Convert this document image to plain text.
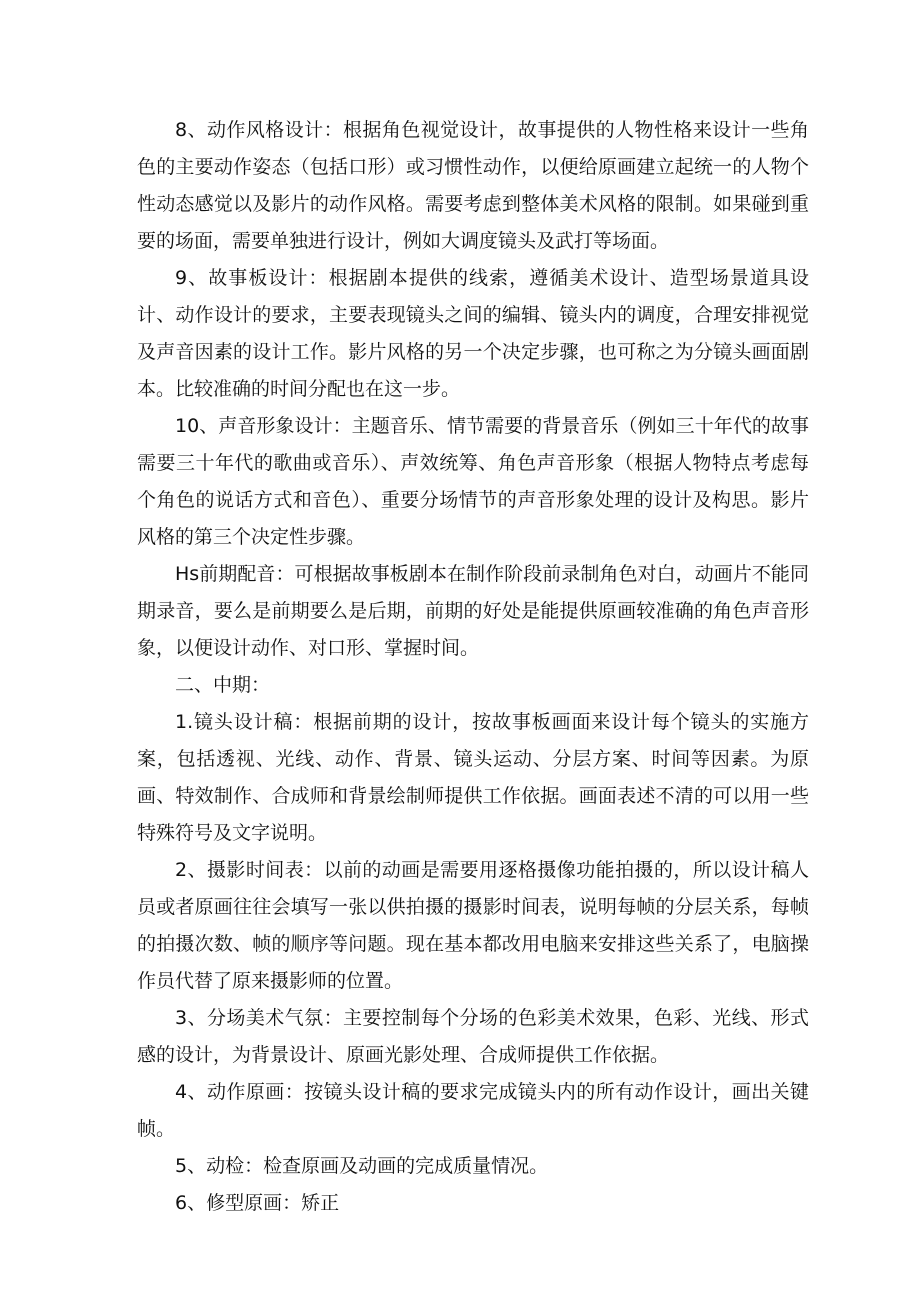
8、动作风格设计：根据角色视觉设计，故事提供的人物性格来设计一些角色的主要动作姿态（包括口形）或习惯性动作，以便给原画建立起统一的人物个性动态感觉以及影片的动作风格。需要考虑到整体美术风格的限制。如果碰到重要的场面，需要单独进行设计，例如大调度镜头及武打等场面。

9、故事板设计：根据剧本提供的线索，遵循美术设计、造型场景道具设计、动作设计的要求，主要表现镜头之间的编辑、镜头内的调度，合理安排视觉及声音因素的设计工作。影片风格的另一个决定步骤，也可称之为分镜头画面剧本。比较准确的时间分配也在这一步。

10、声音形象设计：主题音乐、情节需要的背景音乐（例如三十年代的故事需要三十年代的歌曲或音乐）、声效统筹、角色声音形象（根据人物特点考虑每个角色的说话方式和音色）、重要分场情节的声音形象处理的设计及构思。影片风格的第三个决定性步骤。

Hs前期配音：可根据故事板剧本在制作阶段前录制角色对白，动画片不能同期录音，要么是前期要么是后期，前期的好处是能提供原画较准确的角色声音形象，以便设计动作、对口形、掌握时间。

二、中期：

1.镜头设计稿：根据前期的设计，按故事板画面来设计每个镜头的实施方案，包括透视、光线、动作、背景、镜头运动、分层方案、时间等因素。为原画、特效制作、合成师和背景绘制师提供工作依据。画面表述不清的可以用一些特殊符号及文字说明。

2、摄影时间表：以前的动画是需要用逐格摄像功能拍摄的，所以设计稿人员或者原画往往会填写一张以供拍摄的摄影时间表，说明每帧的分层关系，每帧的拍摄次数、帧的顺序等问题。现在基本都改用电脑来安排这些关系了，电脑操作员代替了原来摄影师的位置。

3、分场美术气氛：主要控制每个分场的色彩美术效果，色彩、光线、形式感的设计，为背景设计、原画光影处理、合成师提供工作依据。

4、动作原画：按镜头设计稿的要求完成镜头内的所有动作设计，画出关键帧。

5、动检：检查原画及动画的完成质量情况。

6、修型原画：矫正
